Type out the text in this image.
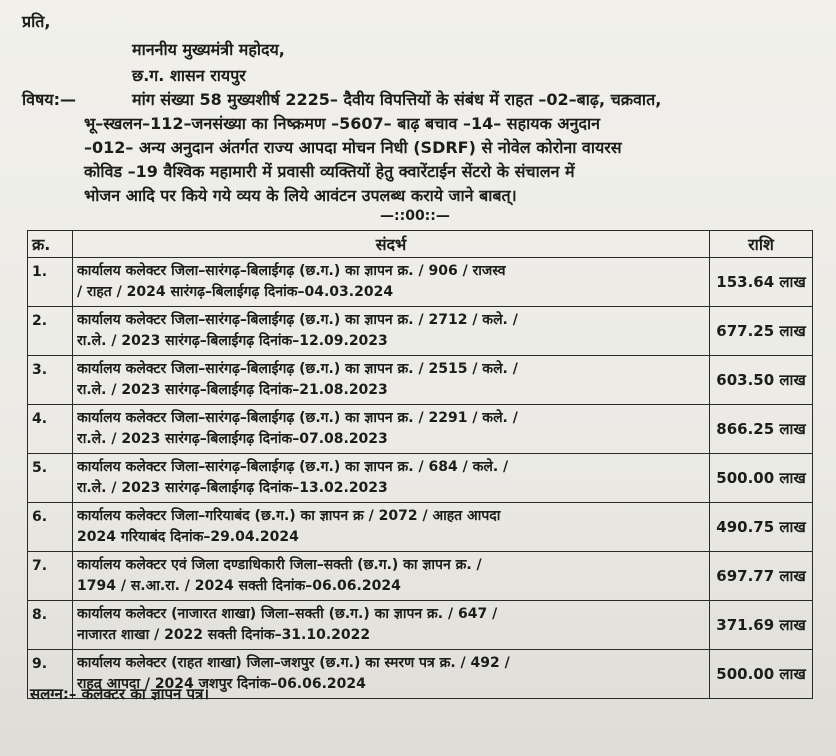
प्रति,
माननीय मुख्यमंत्री महोदय,
छ.ग. शासन रायपुर
विषय:—	मांग संख्या 58 मुख्यशीर्ष 2225– दैवीय विपत्तियों के संबंध में राहत –02–बाढ़, चक्रवात,
भू–स्खलन–112–जनसंख्या का निष्क्रमण –5607– बाढ़ बचाव –14– सहायक अनुदान
–012– अन्य अनुदान अंतर्गत राज्य आपदा मोचन निधी (SDRF) से नोवेल कोरोना वायरस
कोविड –19 वैश्विक महामारी में प्रवासी व्यक्तियों हेतु क्वारेंटाईन सेंटरो के संचालन में
भोजन आदि पर किये गये व्यय के लिये आवंटन उपलब्ध कराये जाने बाबत्।
—::00::—
क्र.	संदर्भ	राशि
1.	कार्यालय कलेक्टर जिला–सारंगढ़–बिलाईगढ़ (छ.ग.) का ज्ञापन क्र. / 906 / राजस्व
/ राहत / 2024 सारंगढ़–बिलाईगढ़ दिनांक–04.03.2024	153.64 लाख
2.	कार्यालय कलेक्टर जिला–सारंगढ़–बिलाईगढ़ (छ.ग.) का ज्ञापन क्र. / 2712 / कले. /
रा.ले. / 2023 सारंगढ़–बिलाईगढ़ दिनांक–12.09.2023	677.25 लाख
3.	कार्यालय कलेक्टर जिला–सारंगढ़–बिलाईगढ़ (छ.ग.) का ज्ञापन क्र. / 2515 / कले. /
रा.ले. / 2023 सारंगढ़–बिलाईगढ़ दिनांक–21.08.2023	603.50 लाख
4.	कार्यालय कलेक्टर जिला–सारंगढ़–बिलाईगढ़ (छ.ग.) का ज्ञापन क्र. / 2291 / कले. /
रा.ले. / 2023 सारंगढ़–बिलाईगढ़ दिनांक–07.08.2023	866.25 लाख
5.	कार्यालय कलेक्टर जिला–सारंगढ़–बिलाईगढ़ (छ.ग.) का ज्ञापन क्र. / 684 / कले. /
रा.ले. / 2023 सारंगढ़–बिलाईगढ़ दिनांक–13.02.2023	500.00 लाख
6.	कार्यालय कलेक्टर जिला–गरियाबंद (छ.ग.) का ज्ञापन क्र / 2072 / आहत आपदा
2024 गरियाबंद दिनांक–29.04.2024	490.75 लाख
7.	कार्यालय कलेक्टर एवं जिला दण्डाधिकारी जिला–सक्ती (छ.ग.) का ज्ञापन क्र. /
1794 / स.आ.रा. / 2024 सक्ती दिनांक–06.06.2024	697.77 लाख
8.	कार्यालय कलेक्टर (नाजारत शाखा) जिला–सक्ती (छ.ग.) का ज्ञापन क्र. / 647 /
नाजारत शाखा / 2022 सक्ती दिनांक–31.10.2022	371.69 लाख
9.	कार्यालय कलेक्टर (राहत शाखा) जिला–जशपुर (छ.ग.) का स्मरण पत्र क्र. / 492 /
राहत आपदा / 2024 जशपुर दिनांक–06.06.2024	500.00 लाख
सलग्न:– कलेक्टर का ज्ञापन पत्र।
